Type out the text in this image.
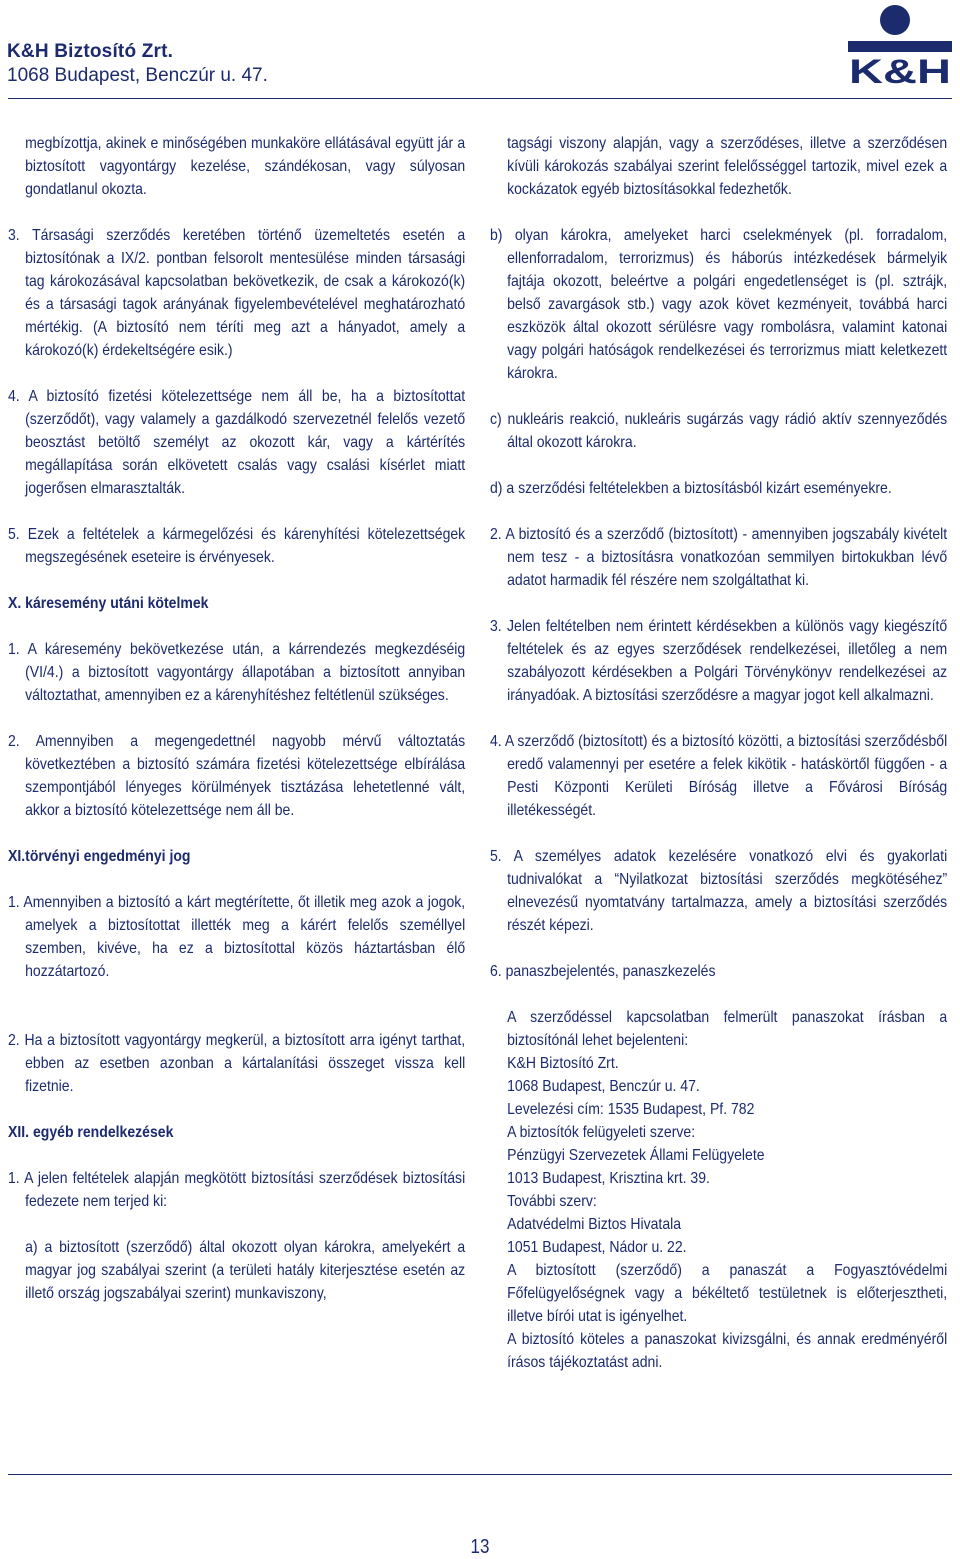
K&H Biztosító Zrt.
1068 Budapest, Benczúr u. 47.	K&H

megbízottja, akinek e minőségében munkaköre ellátásával együtt jár a biztosított vagyontárgy kezelése, szándékosan, vagy súlyosan gondatlanul okozta.

3. Társasági szerződés keretében történő üzemeltetés esetén a biztosítónak a IX/2. pontban felsorolt mentesülése minden társasági tag károkozásával kapcsolatban bekövetkezik, de csak a károkozó(k) és a társasági tagok arányának figyelembevételével meghatározható mértékig. (A biztosító nem téríti meg azt a hányadot, amely a károkozó(k) érdekeltségére esik.)

4. A biztosító fizetési kötelezettsége nem áll be, ha a biztosítottat (szerződőt), vagy valamely a gazdálkodó szervezetnél felelős vezető beosztást betöltő személyt az okozott kár, vagy a kártérítés megállapítása során elkövetett csalás vagy csalási kísérlet miatt jogerősen elmarasztalták.

5. Ezek a feltételek a kármegelőzési és kárenyhítési kötelezettségek megszegésének eseteire is érvényesek.

X. káresemény utáni kötelmek

1. A káresemény bekövetkezése után, a kárrendezés megkezdéséig (VI/4.) a biztosított vagyontárgy állapotában a biztosított annyiban változtathat, amennyiben ez a kárenyhítéshez feltétlenül szükséges.

2. Amennyiben a megengedettnél nagyobb mérvű változtatás következtében a biztosító számára fizetési kötelezettsége elbírálása szempontjából lényeges körülmények tisztázása lehetetlenné vált, akkor a biztosító kötelezettsége nem áll be.

XI.törvényi engedményi jog

1. Amennyiben a biztosító a kárt megtérítette, őt illetik meg azok a jogok, amelyek a biztosítottat illették meg a kárért felelős személlyel szemben, kivéve, ha ez a biztosítottal közös háztartásban élő hozzátartozó.

2. Ha a biztosított vagyontárgy megkerül, a biztosított arra igényt tarthat, ebben az esetben azonban a kártalanítási összeget vissza kell fizetnie.

XII. egyéb rendelkezések

1. A jelen feltételek alapján megkötött biztosítási szerződések biztosítási fedezete nem terjed ki:

a) a biztosított (szerződő) által okozott olyan károkra, amelyekért a magyar jog szabályai szerint (a területi hatály kiterjesztése esetén az illető ország jogszabályai szerint) munkaviszony,

tagsági viszony alapján, vagy a szerződéses, illetve a szerződésen kívüli károkozás szabályai szerint felelősséggel tartozik, mivel ezek a kockázatok egyéb biztosításokkal fedezhetők.

b) olyan károkra, amelyeket harci cselekmények (pl. forradalom, ellenforradalom, terrorizmus) és háborús intézkedések bármelyik fajtája okozott, beleértve a polgári engedetlenséget is (pl. sztrájk, belső zavargások stb.) vagy azok követ kezményeit, továbbá harci eszközök által okozott sérülésre vagy rombolásra, valamint katonai vagy polgári hatóságok rendelkezései és terrorizmus miatt keletkezett károkra.

c) nukleáris reakció, nukleáris sugárzás vagy rádió aktív szennyeződés által okozott károkra.

d) a szerződési feltételekben a biztosításból kizárt eseményekre.

2. A biztosító és a szerződő (biztosított) - amennyiben jogszabály kivételt nem tesz - a biztosításra vonatkozóan semmilyen birtokukban lévő adatot harmadik fél részére nem szolgáltathat ki.

3. Jelen feltételben nem érintett kérdésekben a különös vagy kiegészítő feltételek és az egyes szerződések rendelkezései, illetőleg a nem szabályozott kérdésekben a Polgári Törvénykönyv rendelkezései az irányadóak. A biztosítási szerződésre a magyar jogot kell alkalmazni.

4. A szerződő (biztosított) és a biztosító közötti, a biztosítási szerződésből eredő valamennyi per esetére a felek kikötik - hatáskörtől függően - a Pesti Központi Kerületi Bíróság illetve a Fővárosi Bíróság illetékességét.

5. A személyes adatok kezelésére vonatkozó elvi és gyakorlati tudnivalókat a “Nyilatkozat biztosítási szerződés megkötéséhez” elnevezésű nyomtatvány tartalmazza, amely a biztosítási szerződés részét képezi.

6. panaszbejelentés, panaszkezelés

A szerződéssel kapcsolatban felmerült panaszokat írásban a biztosítónál lehet bejelenteni:

K&H Biztosító Zrt.
1068 Budapest, Benczúr u. 47.
Levelezési cím: 1535 Budapest, Pf. 782
A biztosítók felügyeleti szerve:
Pénzügyi Szervezetek Állami Felügyelete
1013 Budapest, Krisztina krt. 39.
További szerv:
Adatvédelmi Biztos Hivatala
1051 Budapest, Nádor u. 22.

A biztosított (szerződő) a panaszát a Fogyasztóvédelmi Főfelügyelőségnek vagy a békéltető testületnek is előterjesztheti, illetve bírói utat is igényelhet.

A biztosító köteles a panaszokat kivizsgálni, és annak eredményéről írásos tájékoztatást adni.

13
